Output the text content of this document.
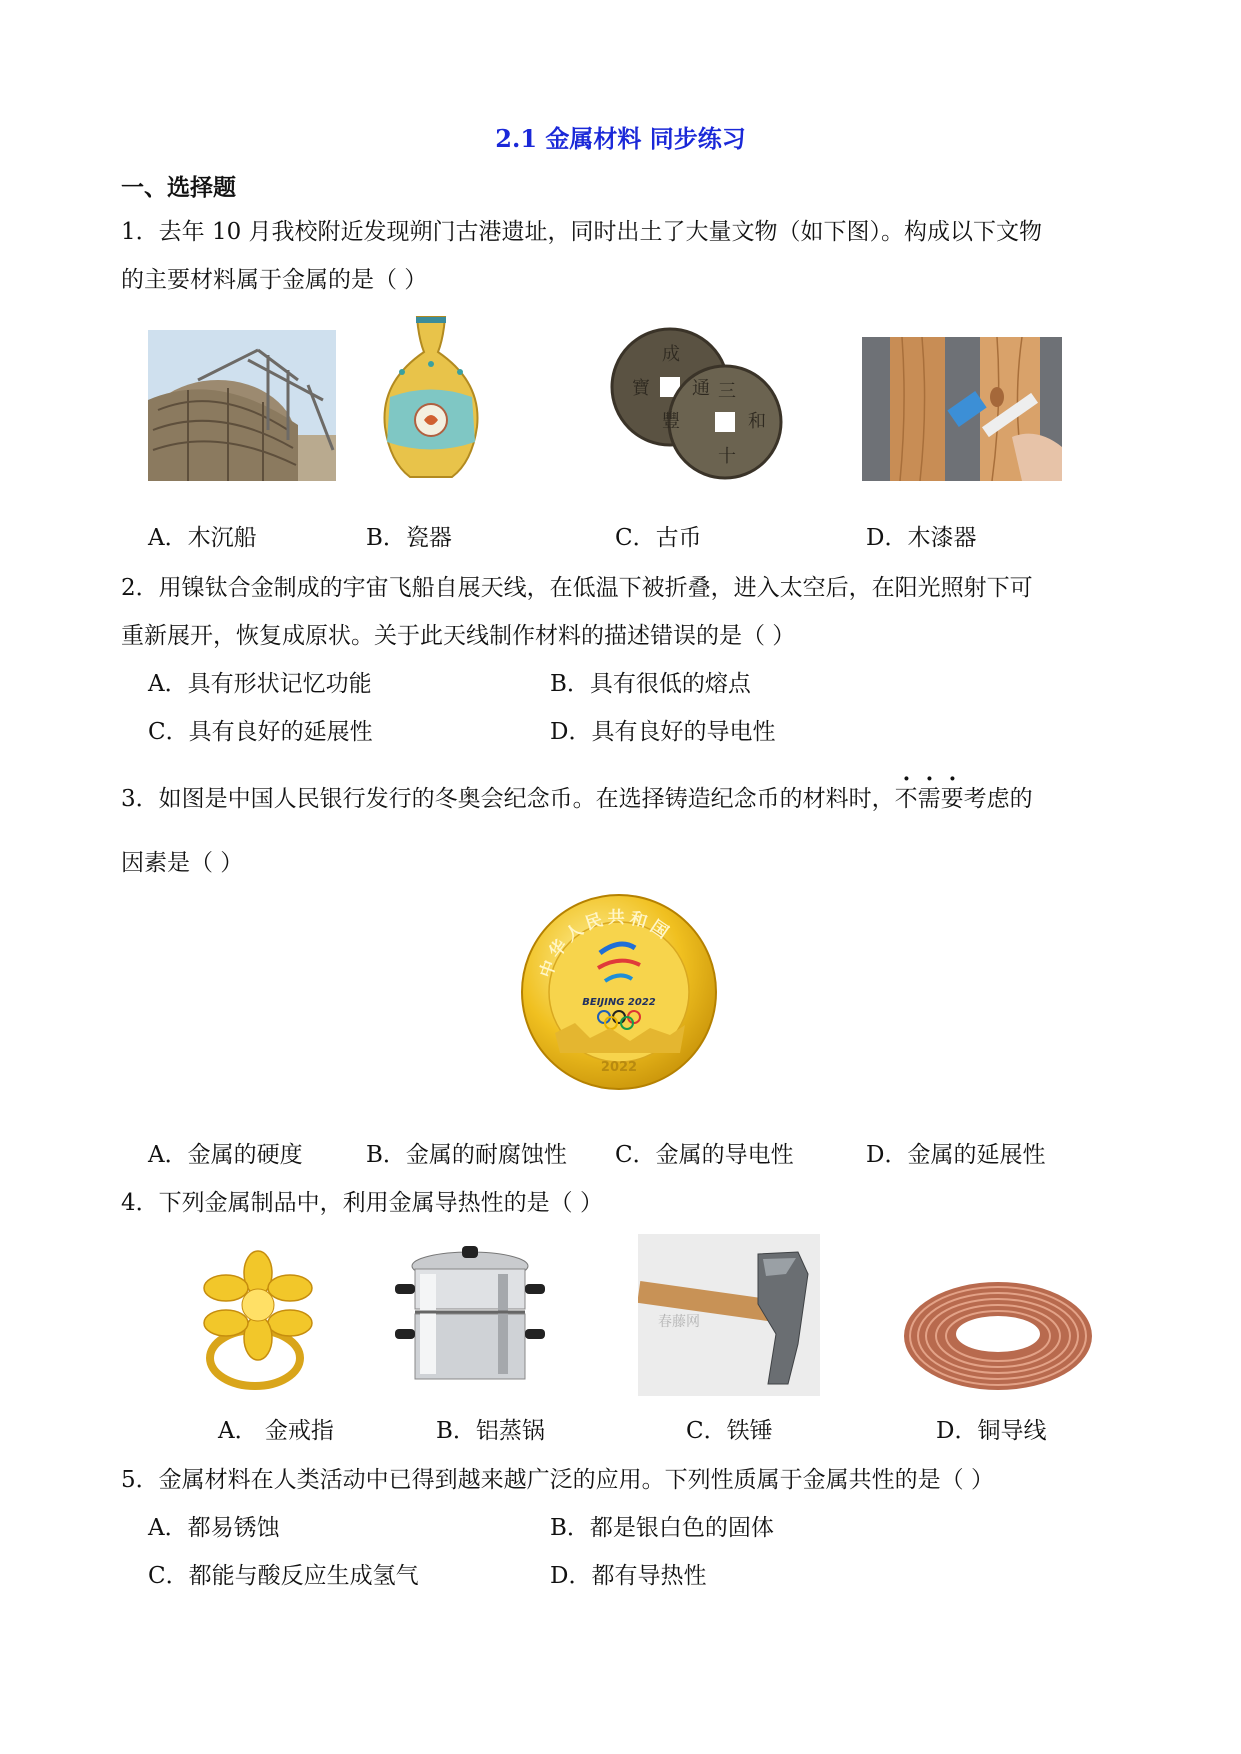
2.1 金属材料 同步练习
一、选择题
1．去年 10 月我校附近发现朔门古港遗址，同时出土了大量文物（如下图）。构成以下文物
的主要材料属于金属的是（ ）
成
寶 通
豐
三
和
十
A．木沉船	B．瓷器	C．古币	D．木漆器
2．用镍钛合金制成的宇宙飞船自展天线，在低温下被折叠，进入太空后，在阳光照射下可
重新展开，恢复成原状。关于此天线制作材料的描述错误的是（ ）
A．具有形状记忆功能	B．具有很低的熔点
C．具有良好的延展性	D．具有良好的导电性
3．如图是中国人民银行发行的冬奥会纪念币。在选择铸造纪念币的材料时，不需要考虑的
因素是（ ）
中华人民共和国
BEIJING 2022
2022
A．金属的硬度	B．金属的耐腐蚀性 C．金属的导电性	D．金属的延展性
4．下列金属制品中，利用金属导热性的是（ ）
春藤网
A． 金戒指	B．铝蒸锅	C．铁锤	D．铜导线
5．金属材料在人类活动中已得到越来越广泛的应用。下列性质属于金属共性的是（ ）
A．都易锈蚀	B．都是银白色的固体
C．都能与酸反应生成氢气	D．都有导热性
